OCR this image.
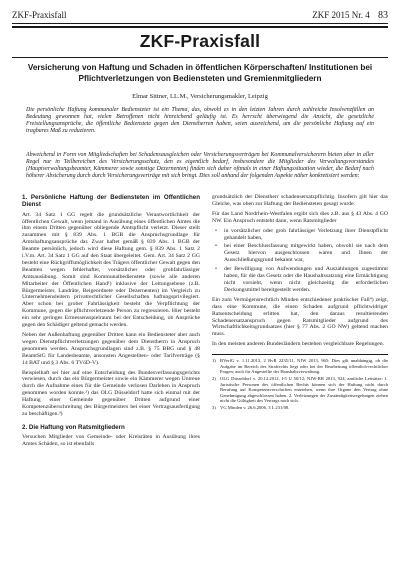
ZKF-Praxisfall	ZKF 2015 Nr. 4 83
ZKF-Praxisfall
Versicherung von Haftung und Schaden in öffentlichen Körperschaften/ Institutionen bei Pflichtverletzungen von Bediensteten und Gremienmitgliedern
Elmar Sittner, LL.M., Versicherungsmakler, Leipzig
Die persönliche Haftung kommunaler Bediensteter ist ein Thema, das, obwohl es in den letzten Jahren durch zahlreiche Insolvenzfällen an Bedeutung gewonnen hat, vielen Betroffenen nicht hinreichend geläufig ist. Es herrscht überwiegend die Ansicht, die gesetzliche Freistellungsansprüche, die öffentliche Bedienstete gegen den Dienstherren haben, seien ausreichend, um die persönliche Haftung auf ein tragbares Maß zu reduzieren.
Abweichend in Form von Mitgliedschaften bei Schadensausgleichen oder Versicherungsverträgen bei Kommunalversicherern bieten aber in aller Regel nur in Teilbereichen des Versicherungsschutz, den es eigentlich bedarf, insbesondere die Mitglieder des Verwaltungsvorstandes (Hauptverwaltungsbeamter, Kämmerer sowie sonstige Dezernenten) finden sich daher oftmals in einer Haftungssituation wieder, die Bedarf nach höherer Absicherung durch durch Versicherungsverträge mit sich bringt. Dies soll anhand der folgenden Aspekte näher konkretisiert werden:
1. Persönliche Haftung der Bediensteten im Öffentlichen Dienst

Art. 34 Satz 1 GG regelt die grundsätzliche Verantwortlichkeit der öffentlichen Gewalt, wenn jemand in Ausübung eines öffentlichen Amtes die ihm einem Dritten gegenüber obliegende Amtspflicht verletzt. Dieser stellt zusammen mit § 839 Abs. 1 BGB die Anspruchsgrundlage für Amtshaftungsansprüche dar. Zwar haftet gemäß § 839 Abs. 1 BGB der Beamte persönlich, jedoch wird diese Haftung gem. § 839 Abs. 1 Satz 2 i.V.m. Art. 34 Satz 1 GG auf den Staat übergeleitet. Gem. Art. 34 Satz 2 GG besteht eine Rückgriffsmöglichkeit des Trägers öffentlicher Gewalt gegen den Beamten wegen fehlerhafter, vorsätzlicher oder grobfahrlässiger Amtsausübung. Somit sind Kommunalbedienstete (sowie alle anderen Mitarbeiter der Öffentlichen Hand¹) inklusive der Leitungsebene (z.B. Bürgermeister, Landräte, Beigeordnete oder Dezernenten) im Vergleich zu Unternehmensleitern privatrechtlicher Gesellschaften haftungsprivilegiert. Aber schon bei grober Fahrlässigkeit besteht die Verpflichtung der Kommune, gegen die pflichtverletzende Person zu regressieren. Hier besteht ein sehr geringes Ermessensspielraum bei der Entscheidung, ob Ansprüche gegen den Schädiger geltend gemacht werden.

Neben der Außenhaftung gegenüber Dritten kann ein Bediensteter aber auch wegen Dienstpflichtverletzungen gegenüber dem Dienstherrn in Anspruch genommen werden. Anspruchsgrundlagen sind z.B. § 75 BBG und § 48 BeamtStG für Landesbeamte, ansonsten Angestellten- oder Tarifverträge (§ 14 BAT und § 3 Abs. 6 TVöD-V).

Beispielhaft sei hier auf eine Entscheidung des Bundesverfassungsgerichts verwiesen, durch das ein Bürgermeister sowie ein Kämmerer wegen Untreue durch die Aufnahme eines für die Gemeinde verlosen Darlehen in Anspruch genommen worden konnte.²) das OLG Düsseldorf hatte sich einmal mit der Haftung einer Gemeinde gegenüber Dritten aufgrund einer Kompetenzüberschreitung des Bürgermeisters bei einer Vertragsausfertigung zu beschäftigen.³)

2. Die Haftung von Ratsmitgliedern

Versuchen Mitglieder von Gemeinde- oder Kreisräten in Ausübung ihres Amtes Schäden, so ist ebenfalls

grundsätzlich der Dienstherr schadensersatzpflichtig. Insofern gilt hier das Gleiche, was oben zur Haftung der Bediensteten gesagt wurde.

Für das Land Nordrhein-Westfalen ergibt sich dies z.B. aus § 43 Abs. 4 GO NW. Ein Anspruch entsteht dann, wenn Ratsmitglieder

• in vorsätzlicher oder grob fahrlässiger Verletzung ihrer Dienstpflicht gehandelt haben,
• bei einer Beschlussfassung mitgewirkt haben, obwohl sie nach dem Gesetz hiervon ausgeschlossen waren und Ihnen der Ausschließungsgrund bekannt war,
• der Bewilligung von Aufwendungen und Auszahlungen zugestimmt haben, für die das Gesetz oder die Haushaltssatzung eine Ermächtigung nicht vorsieht, wenn nicht gleichzeitig die erforderlichen Deckungsmittel bereitgestellt werden.

Ein zum Vermögensrechtlich Minden entschiedener praktischer Fall⁴) zeigt, dass eine Kommune, die einen Schaden aufgrund pflichtwidriger Ratsentscheidung erlitten hat, den daraus resultierenden Schadenersatzanspruch gegen Ratsmitglieder aufgrund des Wirtschaftlichkeitsgrundsatzes (hier § 77 Abs. 2 GO NW) geltend machen muss.

In den meisten anderen Bundesländern bestehen vergleichbare Regelungen.

1) BVerfG v. 1.11.2013, 2 BvR 2235/11, NJW 2013, 965: Dies gilt unabhängig, ob die Aufgabe im Bereich des Strafrechts liegt oder bei der Bearbeitung öffentlich-rechtlicher Fragen; auch für Angestellte der Haushaltsverwaltung.
2) OLG Düsseldorf v. 20.12.2012, I-5 U 50/12; NJW-RR 2013, 924, amtliche Leitsätze: 1. Juristische Personen des öffentlichen Rechts können sich der Haftung nicht durch Berufung auf Kompetenzvorschriften entziehen, wenn ihre Organe den Vertrag ohne Genehmigung abgeschlossen haben. 2. Verletzungen der Zuständigkeitsregelungen ziehen nicht die Gültigkeit des Vertrags nach sich.
3) VG Minden v. 26.6.2006, 3 L 231/08.
